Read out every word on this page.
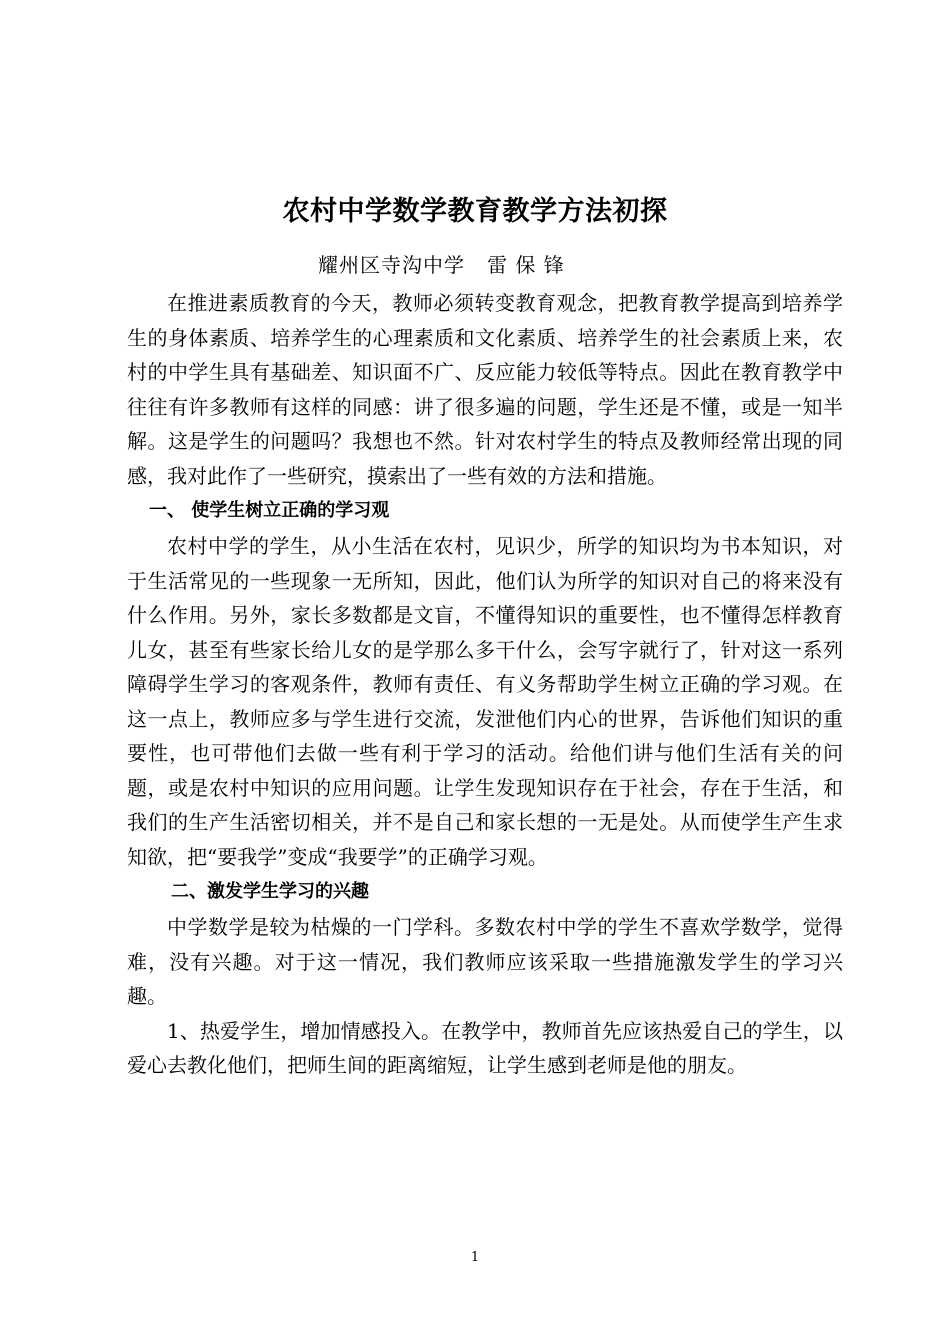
农村中学数学教育教学方法初探
耀州区寺沟中学   雷 保 锋

在推进素质教育的今天，教师必须转变教育观念，把教育教学提高到培养学生的身体素质、培养学生的心理素质和文化素质、培养学生的社会素质上来，农村的中学生具有基础差、知识面不广、反应能力较低等特点。因此在教育教学中往往有许多教师有这样的同感：讲了很多遍的问题，学生还是不懂，或是一知半解。这是学生的问题吗？我想也不然。针对农村学生的特点及教师经常出现的同感，我对此作了一些研究，摸索出了一些有效的方法和措施。

一、 使学生树立正确的学习观

农村中学的学生，从小生活在农村，见识少，所学的知识均为书本知识，对于生活常见的一些现象一无所知，因此，他们认为所学的知识对自己的将来没有什么作用。另外，家长多数都是文盲，不懂得知识的重要性，也不懂得怎样教育儿女，甚至有些家长给儿女的是学那么多干什么，会写字就行了，针对这一系列障碍学生学习的客观条件，教师有责任、有义务帮助学生树立正确的学习观。在这一点上，教师应多与学生进行交流，发泄他们内心的世界，告诉他们知识的重要性，也可带他们去做一些有利于学习的活动。给他们讲与他们生活有关的问题，或是农村中知识的应用问题。让学生发现知识存在于社会，存在于生活，和我们的生产生活密切相关，并不是自己和家长想的一无是处。从而使学生产生求知欲，把“要我学”变成“我要学”的正确学习观。

二、激发学生学习的兴趣

中学数学是较为枯燥的一门学科。多数农村中学的学生不喜欢学数学，觉得难，没有兴趣。对于这一情况，我们教师应该采取一些措施激发学生的学习兴趣。

1、热爱学生，增加情感投入。在教学中，教师首先应该热爱自己的学生，以爱心去教化他们，把师生间的距离缩短，让学生感到老师是他的朋友。

1
